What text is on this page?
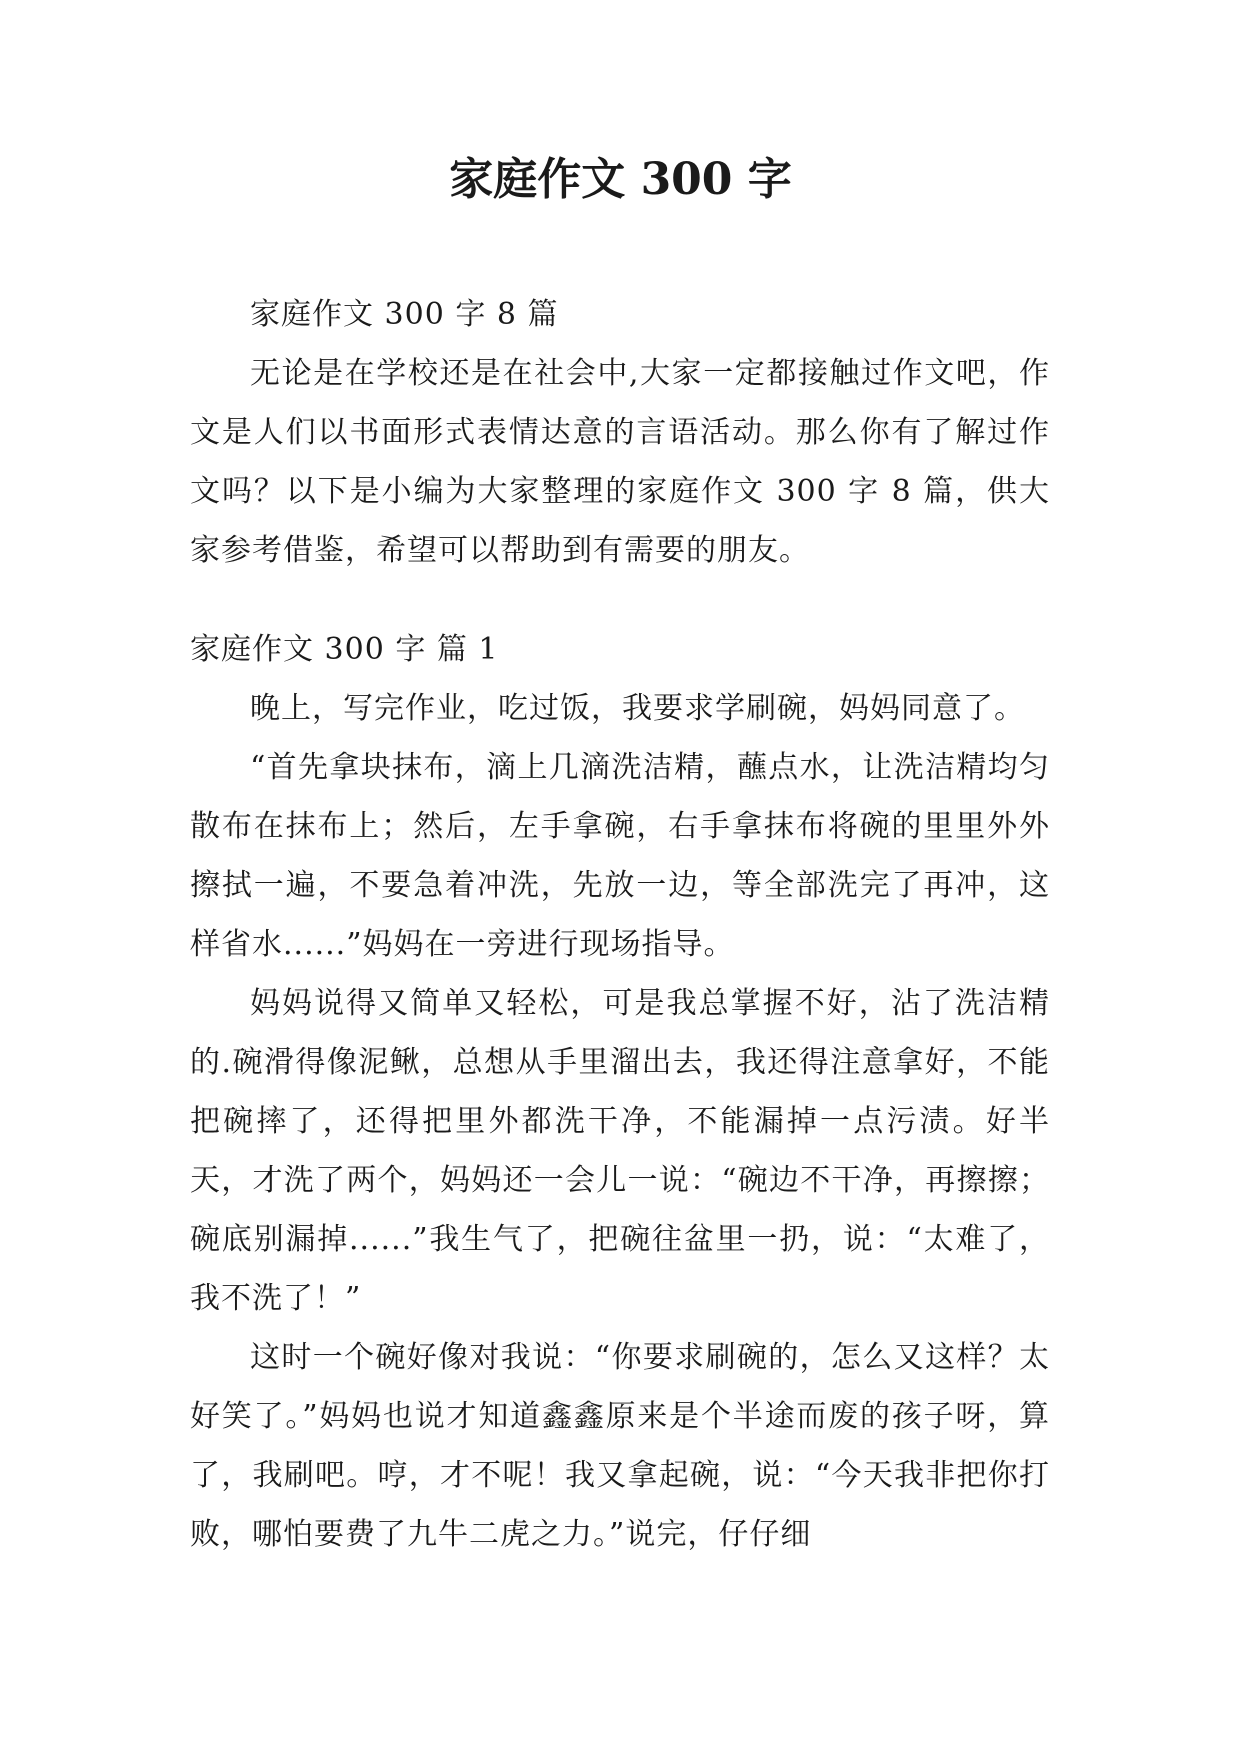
家庭作文 300 字

家庭作文 300 字 8 篇

无论是在学校还是在社会中,大家一定都接触过作文吧，作文是人们以书面形式表情达意的言语活动。那么你有了解过作文吗？以下是小编为大家整理的家庭作文 300 字 8 篇，供大家参考借鉴，希望可以帮助到有需要的朋友。

家庭作文 300 字 篇 1

晚上，写完作业，吃过饭，我要求学刷碗，妈妈同意了。

“首先拿块抹布，滴上几滴洗洁精，蘸点水，让洗洁精均匀散布在抹布上；然后，左手拿碗，右手拿抹布将碗的里里外外擦拭一遍，不要急着冲洗，先放一边，等全部洗完了再冲，这样省水......”妈妈在一旁进行现场指导。

妈妈说得又简单又轻松，可是我总掌握不好，沾了洗洁精的.碗滑得像泥鳅，总想从手里溜出去，我还得注意拿好，不能把碗摔了，还得把里外都洗干净，不能漏掉一点污渍。好半天，才洗了两个，妈妈还一会儿一说：“碗边不干净，再擦擦；碗底别漏掉......”我生气了，把碗往盆里一扔，说：“太难了，我不洗了！”

这时一个碗好像对我说：“你要求刷碗的，怎么又这样？太好笑了。”妈妈也说才知道鑫鑫原来是个半途而废的孩子呀，算了，我刷吧。哼，才不呢！我又拿起碗，说：“今天我非把你打败，哪怕要费了九牛二虎之力。”说完，仔仔细
